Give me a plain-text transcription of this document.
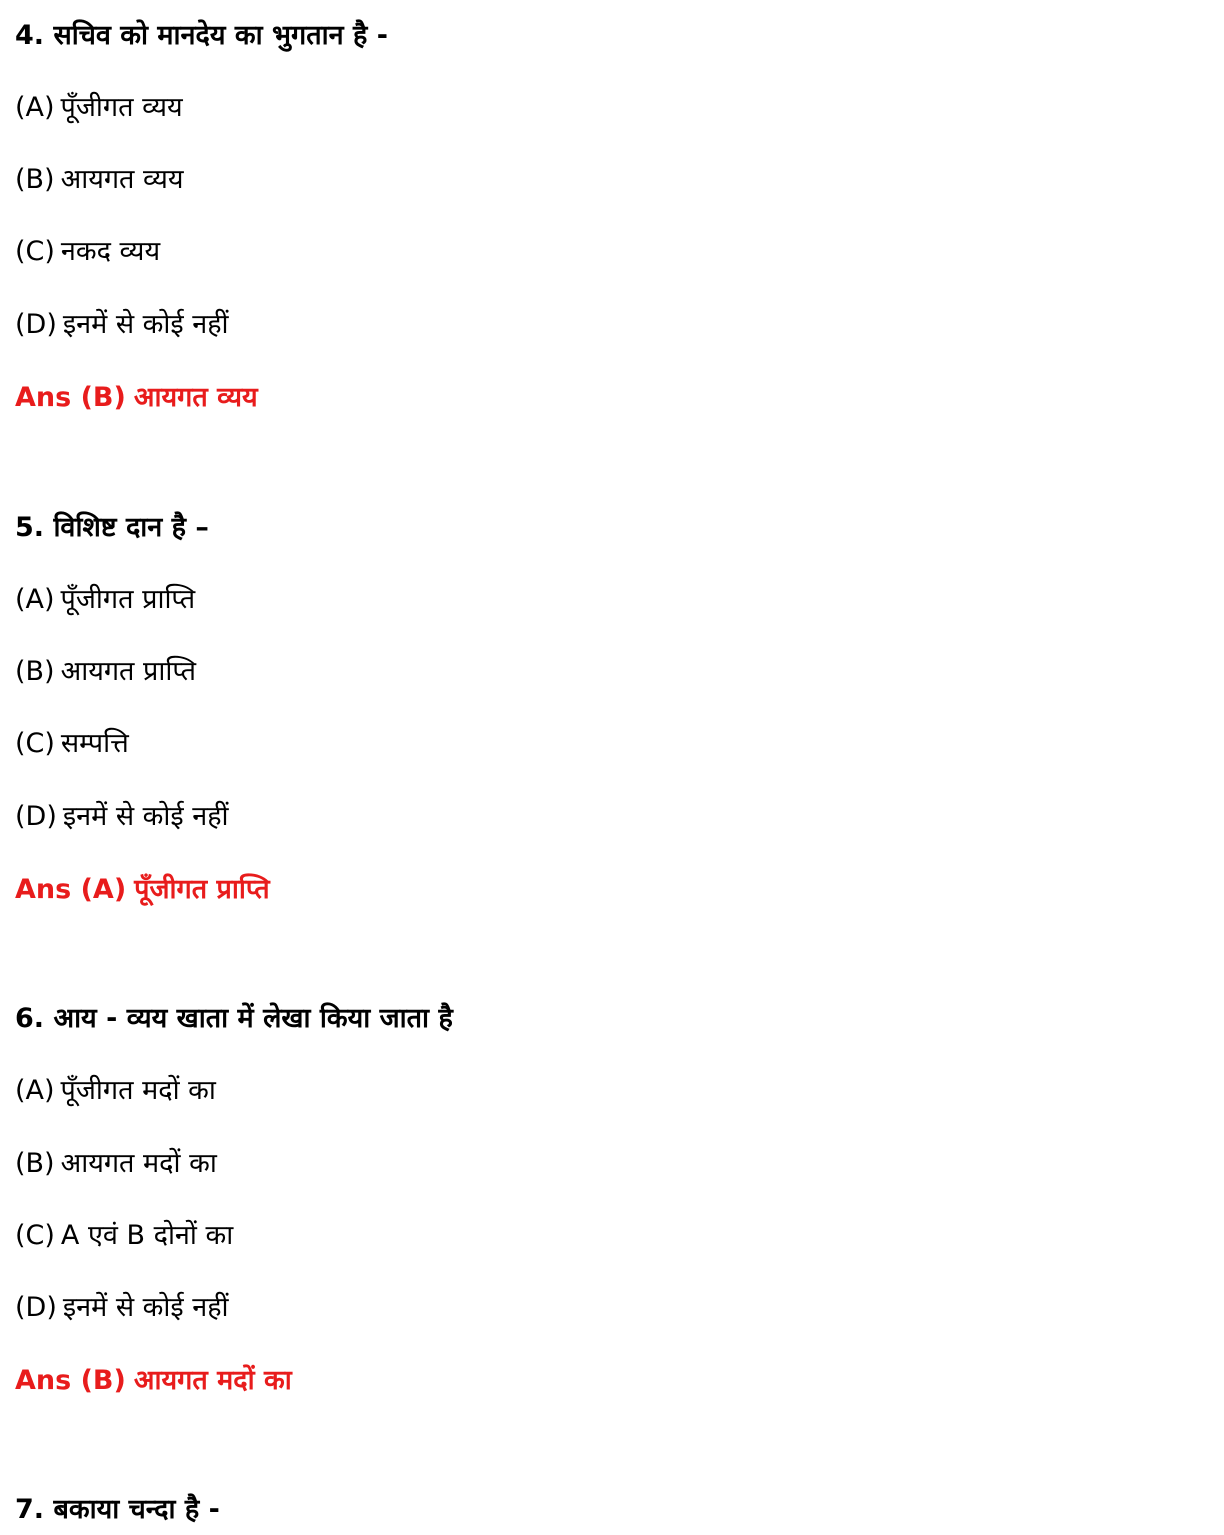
4. सचिव को मानदेय का भुगतान है -

(A) पूँजीगत व्यय

(B) आयगत व्यय

(C) नकद व्यय

(D) इनमें से कोई नहीं

Ans (B) आयगत व्यय

5. विशिष्ट दान है –

(A) पूँजीगत प्राप्ति

(B) आयगत प्राप्ति

(C) सम्पत्ति

(D) इनमें से कोई नहीं

Ans (A) पूँजीगत प्राप्ति

6. आय - व्यय खाता में लेखा किया जाता है

(A) पूँजीगत मदों का

(B) आयगत मदों का

(C) A एवं B दोनों का

(D) इनमें से कोई नहीं

Ans (B) आयगत मदों का

7. बकाया चन्दा है -
